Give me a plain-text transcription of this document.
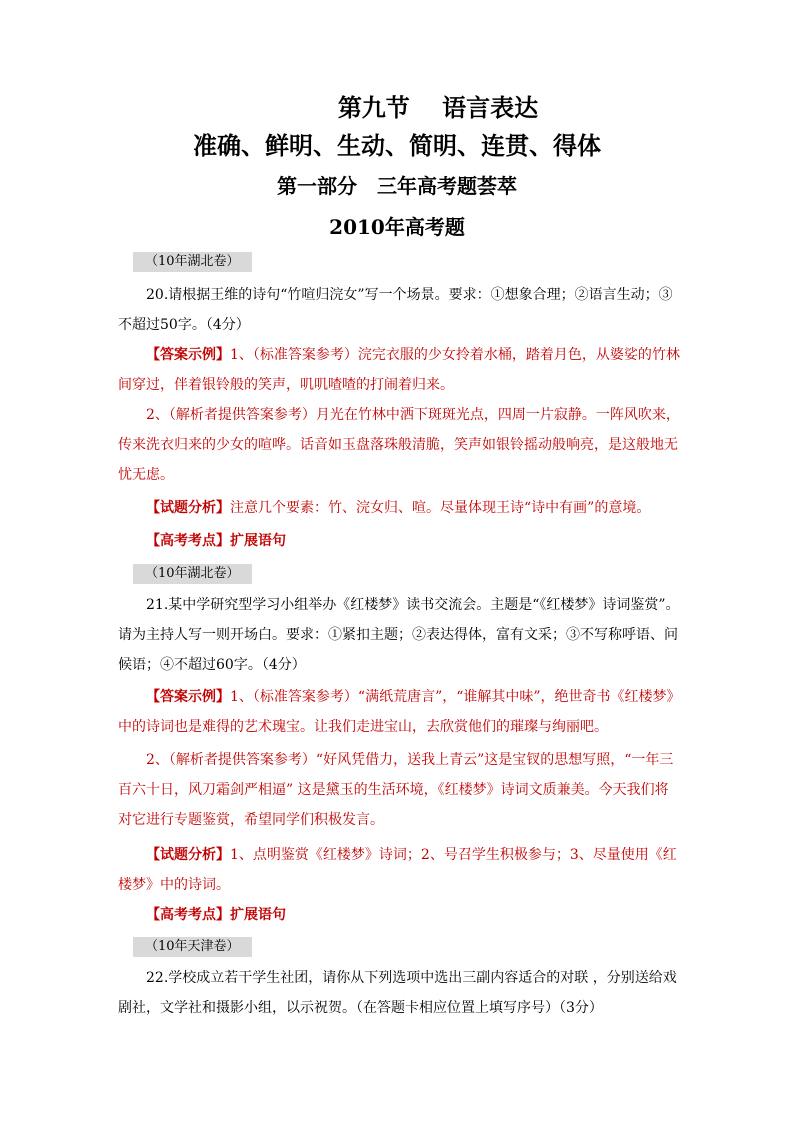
第九节　 语言表达
准确、鲜明、生动、简明、连贯、得体
第一部分　三年高考题荟萃
2010年高考题
（10年湖北卷）
20.请根据王维的诗句“竹喧归浣女”写一个场景。要求：①想象合理；②语言生动；③
不超过50字。（4分）
【答案示例】1、（标准答案参考）浣完衣服的少女拎着水桶，踏着月色，从婆娑的竹林
间穿过，伴着银铃般的笑声，叽叽喳喳的打闹着归来。
2、（解析者提供答案参考）月光在竹林中洒下斑斑光点，四周一片寂静。一阵风吹来，
传来洗衣归来的少女的喧哗。话音如玉盘落珠般清脆，笑声如银铃摇动般响亮，是这般地无
忧无虑。
【试题分析】注意几个要素：竹、浣女归、喧。尽量体现王诗“诗中有画”的意境。
【高考考点】扩展语句
（10年湖北卷）
21.某中学研究型学习小组举办《红楼梦》读书交流会。主题是“《红楼梦》诗词鉴赏”。
请为主持人写一则开场白。要求：①紧扣主题；②表达得体，富有文采；③不写称呼语、问
候语；④不超过60字。（4分）
【答案示例】1、（标准答案参考）“满纸荒唐言”，“谁解其中味”，绝世奇书《红楼梦》
中的诗词也是难得的艺术瑰宝。让我们走进宝山，去欣赏他们的璀璨与绚丽吧。
2、（解析者提供答案参考）“好风凭借力，送我上青云”这是宝钗的思想写照，“一年三
百六十日，风刀霜剑严相逼” 这是黛玉的生活环境，《红楼梦》诗词文质兼美。今天我们将
对它进行专题鉴赏，希望同学们积极发言。
【试题分析】1、点明鉴赏《红楼梦》诗词；2、号召学生积极参与；3、尽量使用《红
楼梦》中的诗词。
【高考考点】扩展语句
（10年天津卷）
22.学校成立若干学生社团，请你从下列选项中选出三副内容适合的对联 ，分别送给戏
剧社，文学社和摄影小组，以示祝贺。（在答题卡相应位置上填写序号）（3分）
